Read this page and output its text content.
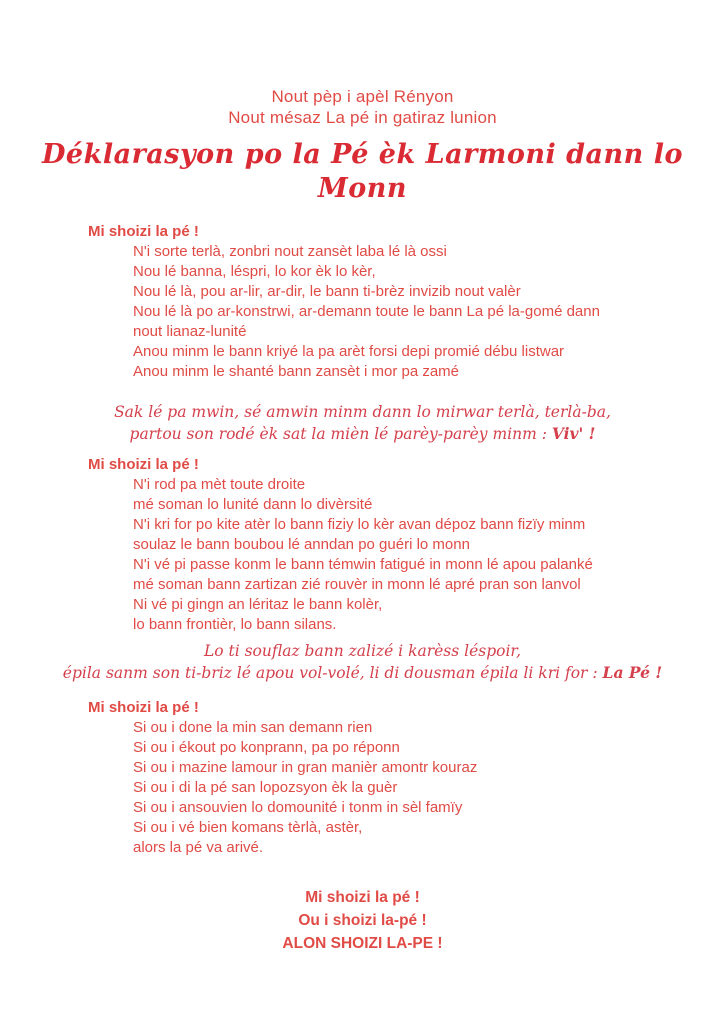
Nout pèp i apèl Rényon
Nout mésaz La pé in gatiraz lunion
Déklarasyon po la Pé èk Larmoni dann lo Monn
Mi shoizi la pé !
N'i sorte terlà, zonbri nout zansèt laba lé là ossi
Nou lé banna, léspri, lo kor èk lo kèr,
Nou lé là, pou ar-lir, ar-dir, le bann ti-brèz invizib nout valèr
Nou lé là po ar-konstrwi, ar-demann toute le bann La pé la-gomé dann nout lianaz-lunité
Anou minm le bann kriyé la pa arèt forsi depi promié débu listwar
Anou minm le shanté bann zansèt i mor pa zamé
Sak lé pa mwin, sé amwin minm dann lo mirwar terlà, terlà-ba,
partou son rodé èk sat la mièn lé parèy-parèy minm : Viv' !
Mi shoizi la pé !
N'i rod pa mèt toute droite
mé soman lo lunité dann lo divèrsité
N'i kri for po kite atèr lo bann fiziy lo kèr avan dépoz bann fizïy minm
soulaz le bann boubou lé anndan po guéri lo monn
N'i vé pi passe konm le bann témwin fatigué in monn lé apou palanké
mé soman bann zartizan zié rouvèr in monn lé apré pran son lanvol
Ni vé pi gingn an léritaz le bann kolèr,
lo bann frontièr, lo bann silans.
Lo ti souflaz bann zalizé i karèss léspoir,
épila sanm son ti-briz lé apou vol-volé, li di dousman épila li kri for : La Pé !
Mi shoizi la pé !
Si ou i done la min san demann rien
Si ou i ékout po konprann, pa po réponn
Si ou i mazine lamour in gran manièr amontr kouraz
Si ou i di la pé san lopozsyon èk la guèr
Si ou i ansouvien lo domounité i tonm in sèl famïy
Si ou i vé bien komans tèrlà, astèr,
alors la pé va arivé.
Mi shoizi la pé !
Ou i shoizi la-pé !
ALON SHOIZI LA-PE !
